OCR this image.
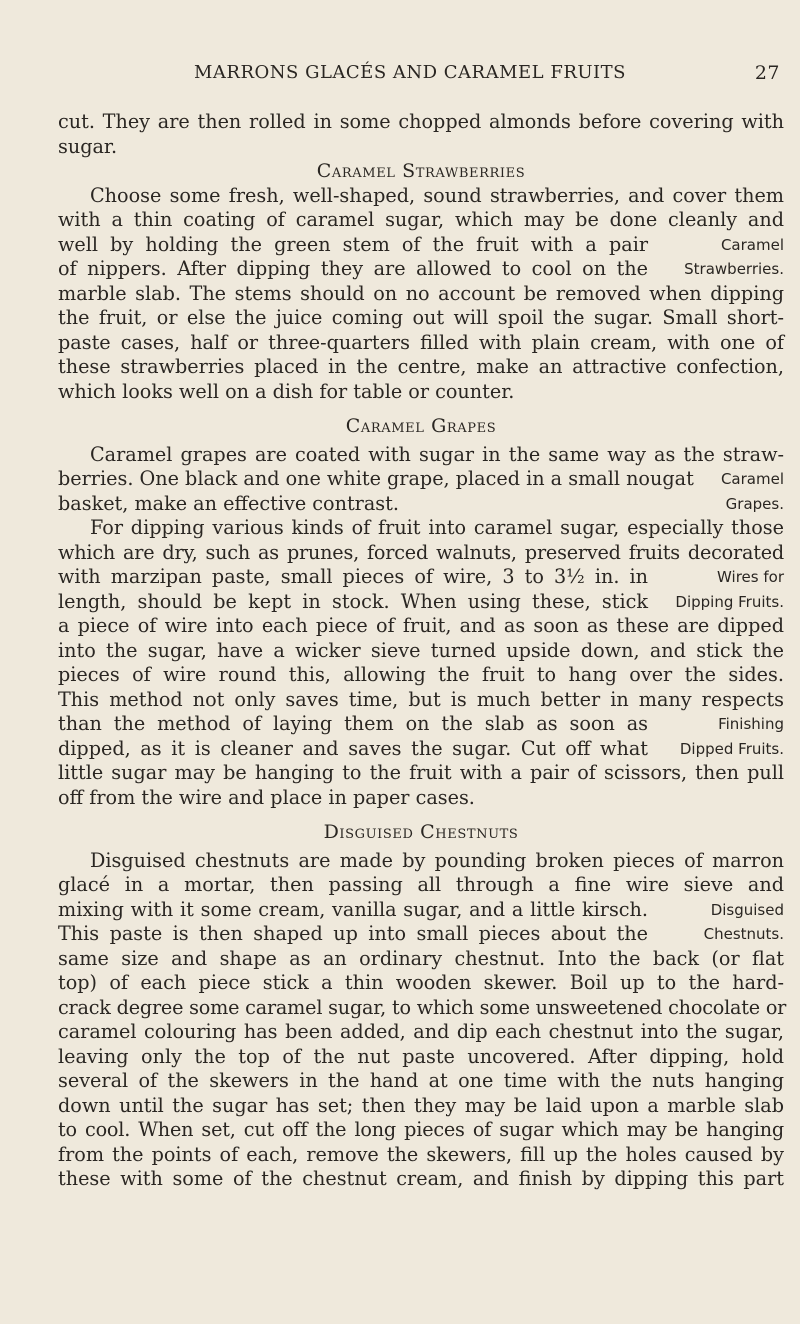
MARRONS GLACÉS AND CARAMEL FRUITS	27
cut. They are then rolled in some chopped almonds before covering with
sugar.
Caramel Strawberries
Choose some fresh, well-shaped, sound strawberries, and cover them
with a thin coating of caramel sugar, which may be done cleanly and
well by holding the green stem of the fruit with a pair	Caramel
of nippers. After dipping they are allowed to cool on the	Strawberries.
marble slab. The stems should on no account be removed when dipping
the fruit, or else the juice coming out will spoil the sugar. Small short-
paste cases, half or three-quarters filled with plain cream, with one of
these strawberries placed in the centre, make an attractive confection,
which looks well on a dish for table or counter.
Caramel Grapes
Caramel grapes are coated with sugar in the same way as the straw-
berries. One black and one white grape, placed in a small nougat	Caramel
basket, make an effective contrast.	Grapes.
For dipping various kinds of fruit into caramel sugar, especially those
which are dry, such as prunes, forced walnuts, preserved fruits decorated
with marzipan paste, small pieces of wire, 3 to 3½ in. in	Wires for
length, should be kept in stock. When using these, stick	Dipping Fruits.
a piece of wire into each piece of fruit, and as soon as these are dipped
into the sugar, have a wicker sieve turned upside down, and stick the
pieces of wire round this, allowing the fruit to hang over the sides.
This method not only saves time, but is much better in many respects
than the method of laying them on the slab as soon as	Finishing
dipped, as it is cleaner and saves the sugar. Cut off what	Dipped Fruits.
little sugar may be hanging to the fruit with a pair of scissors, then pull
off from the wire and place in paper cases.
Disguised Chestnuts
Disguised chestnuts are made by pounding broken pieces of marron
glacé in a mortar, then passing all through a fine wire sieve and
mixing with it some cream, vanilla sugar, and a little kirsch.	Disguised
This paste is then shaped up into small pieces about the	Chestnuts.
same size and shape as an ordinary chestnut. Into the back (or flat
top) of each piece stick a thin wooden skewer. Boil up to the hard-
crack degree some caramel sugar, to which some unsweetened chocolate or
caramel colouring has been added, and dip each chestnut into the sugar,
leaving only the top of the nut paste uncovered. After dipping, hold
several of the skewers in the hand at one time with the nuts hanging
down until the sugar has set; then they may be laid upon a marble slab
to cool. When set, cut off the long pieces of sugar which may be hanging
from the points of each, remove the skewers, fill up the holes caused by
these with some of the chestnut cream, and finish by dipping this part
